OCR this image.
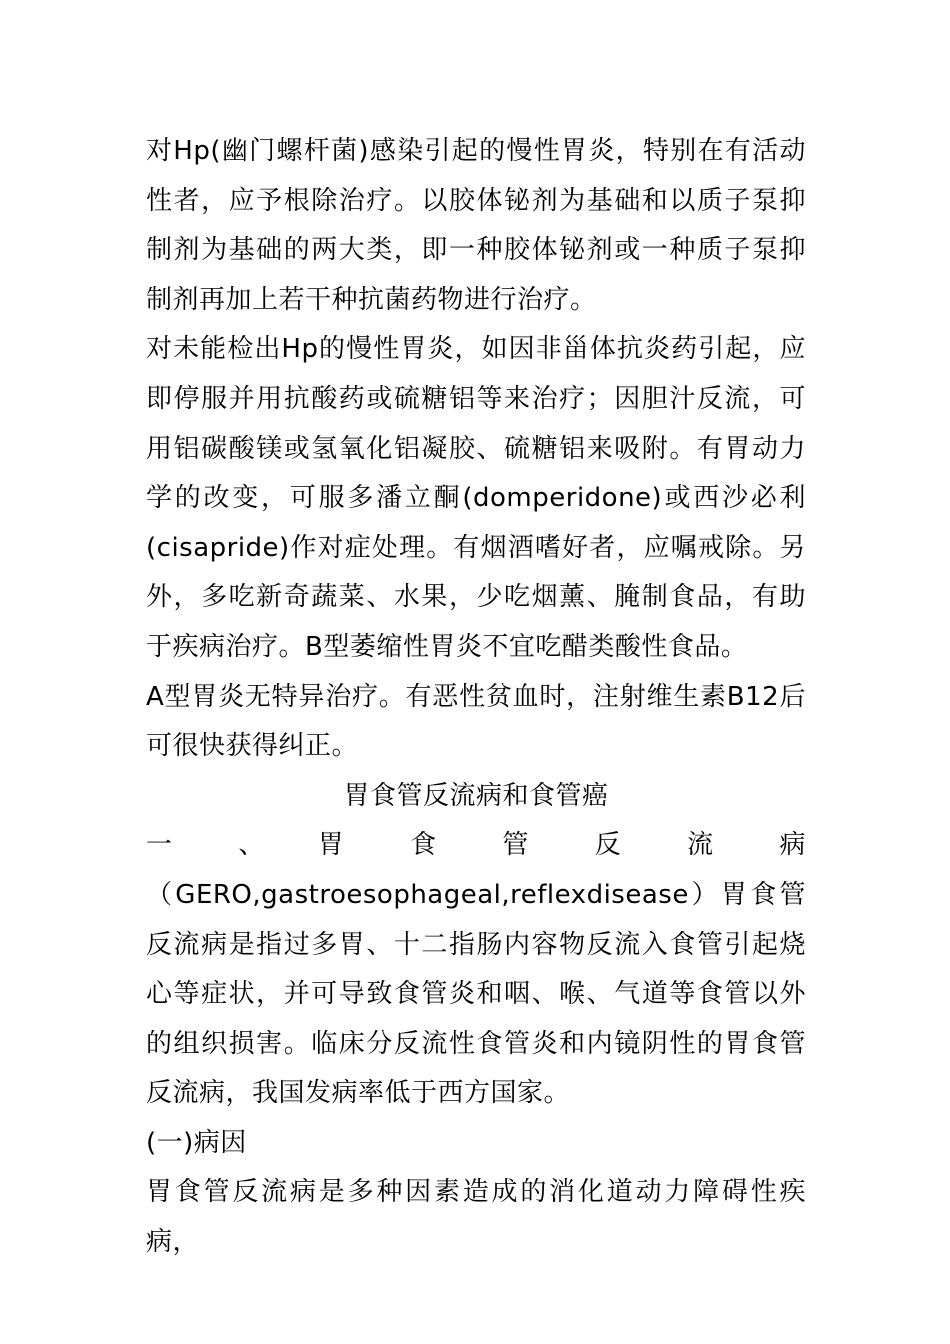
对Hp(幽门螺杆菌)感染引起的慢性胃炎，特别在有活动性者，应予根除治疗。以胶体铋剂为基础和以质子泵抑制剂为基础的两大类，即一种胶体铋剂或一种质子泵抑制剂再加上若干种抗菌药物进行治疗。

对未能检出Hp的慢性胃炎，如因非甾体抗炎药引起，应即停服并用抗酸药或硫糖铝等来治疗；因胆汁反流，可用铝碳酸镁或氢氧化铝凝胶、硫糖铝来吸附。有胃动力学的改变，可服多潘立酮(domperidone)或西沙必利(cisapride)作对症处理。有烟酒嗜好者，应嘱戒除。另外，多吃新奇蔬菜、水果，少吃烟薰、腌制食品，有助于疾病治疗。B型萎缩性胃炎不宜吃醋类酸性食品。

A型胃炎无特异治疗。有恶性贫血时，注射维生素B12后可很快获得纠正。

胃食管反流病和食管癌

一　　、　　胃　　食　　管　　反　　流　　病

（GERO,gastroesophageal,reflexdisease）胃食管反流病是指过多胃、十二指肠内容物反流入食管引起烧心等症状，并可导致食管炎和咽、喉、气道等食管以外的组织损害。临床分反流性食管炎和内镜阴性的胃食管反流病，我国发病率低于西方国家。

(一)病因

胃食管反流病是多种因素造成的消化道动力障碍性疾病，
